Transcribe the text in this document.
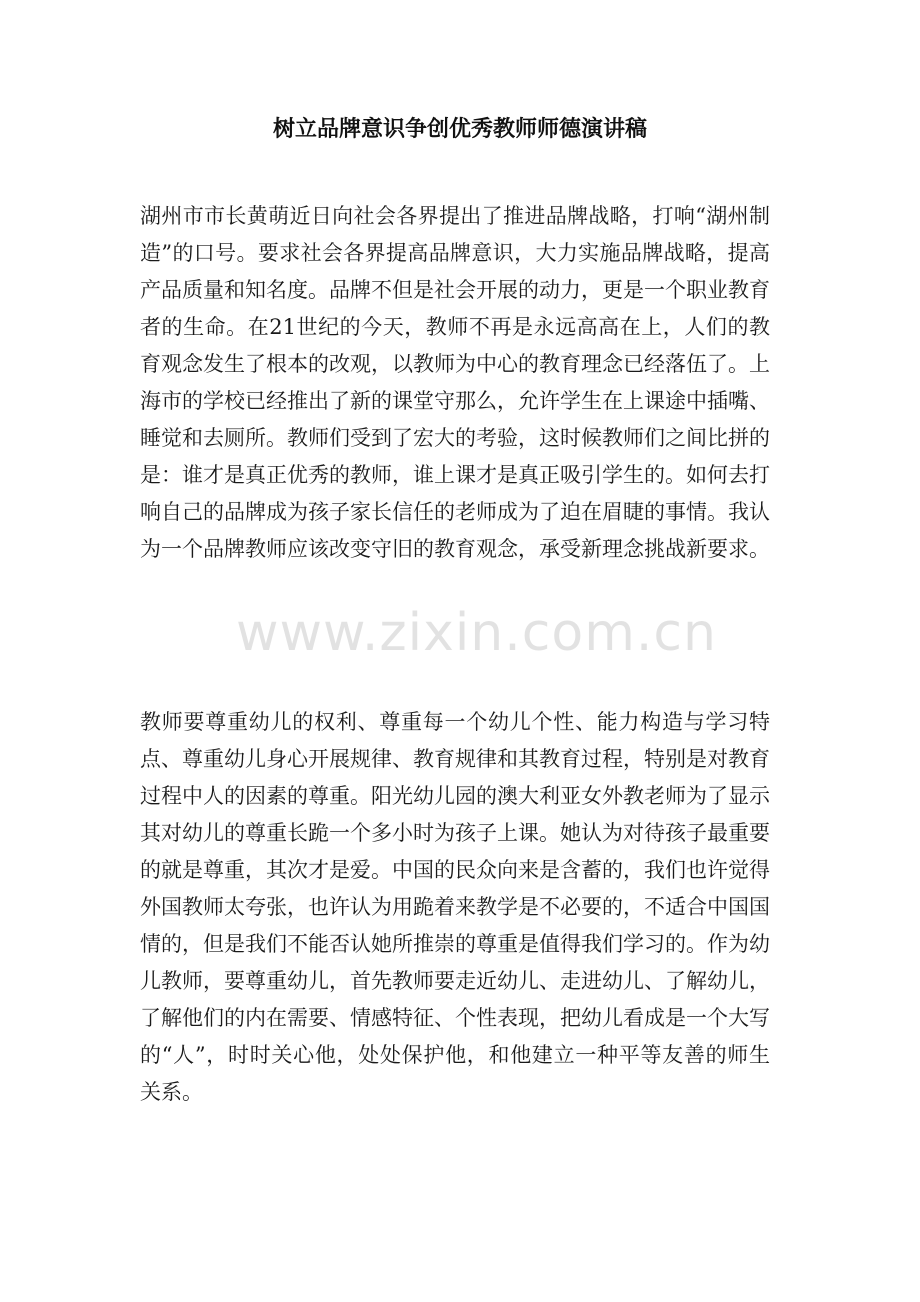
树立品牌意识争创优秀教师师德演讲稿

湖州市市长黄萌近日向社会各界提出了推进品牌战略，打响“湖州制造”的口号。要求社会各界提高品牌意识，大力实施品牌战略，提高产品质量和知名度。品牌不但是社会开展的动力，更是一个职业教育者的生命。在21世纪的今天，教师不再是永远高高在上，人们的教育观念发生了根本的改观，以教师为中心的教育理念已经落伍了。上海市的学校已经推出了新的课堂守那么，允许学生在上课途中插嘴、睡觉和去厕所。教师们受到了宏大的考验，这时候教师们之间比拼的是：谁才是真正优秀的教师，谁上课才是真正吸引学生的。如何去打响自己的品牌成为孩子家长信任的老师成为了迫在眉睫的事情。我认为一个品牌教师应该改变守旧的教育观念，承受新理念挑战新要求。

www.zixin.com.cn

教师要尊重幼儿的权利、尊重每一个幼儿个性、能力构造与学习特点、尊重幼儿身心开展规律、教育规律和其教育过程，特别是对教育过程中人的因素的尊重。阳光幼儿园的澳大利亚女外教老师为了显示其对幼儿的尊重长跪一个多小时为孩子上课。她认为对待孩子最重要的就是尊重，其次才是爱。中国的民众向来是含蓄的，我们也许觉得外国教师太夸张，也许认为用跪着来教学是不必要的，不适合中国国情的，但是我们不能否认她所推崇的尊重是值得我们学习的。作为幼儿教师，要尊重幼儿，首先教师要走近幼儿、走进幼儿、了解幼儿，了解他们的内在需要、情感特征、个性表现，把幼儿看成是一个大写的“人”，时时关心他，处处保护他，和他建立一种平等友善的师生关系。
